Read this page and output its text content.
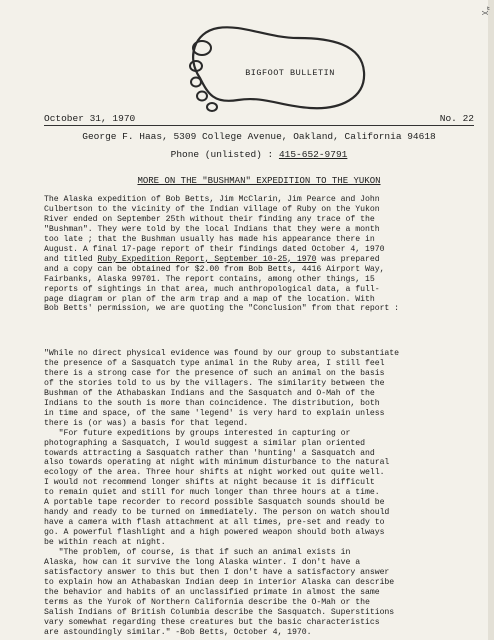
BIGFOOT BULLETIN
October 31, 1970	No. 22
George F. Haas, 5309 College Avenue, Oakland, California 94618
Phone (unlisted) : 415-652-9791
MORE ON THE "BUSHMAN" EXPEDITION TO THE YUKON
The Alaska expedition of Bob Betts, Jim McClarin, Jim Pearce and John
Culbertson to the vicinity of the Indian village of Ruby on the Yukon
River ended on September 25th without their finding any trace of the
"Bushman". They were told by the local Indians that they were a month
too late ; that the Bushman usually has made his appearance there in
August. A final 17-page report of their findings dated October 4, 1970
and titled Ruby Expedition Report, September 10-25, 1970 was prepared
and a copy can be obtained for $2.00 from Bob Betts, 4416 Airport Way,
Fairbanks, Alaska 99701. The report contains, among other things, 15
reports of sightings in that area, much anthropological data, a full-
page diagram or plan of the arm trap and a map of the location. With
Bob Betts' permission, we are quoting the "Conclusion" from that report :
"While no direct physical evidence was found by our group to substantiate
the presence of a Sasquatch type animal in the Ruby area, I still feel
there is a strong case for the presence of such an animal on the basis
of the stories told to us by the villagers. The similarity between the
Bushman of the Athabaskan Indians and the Sasquatch and O-Mah of the
Indians to the south is more than coincidence. The distribution, both
in time and space, of the same 'legend' is very hard to explain unless
there is (or was) a basis for that legend.
"For future expeditions by groups interested in capturing or
photographing a Sasquatch, I would suggest a similar plan oriented
towards attracting a Sasquatch rather than 'hunting' a Sasquatch and
also towards operating at night with minimum disturbance to the natural
ecology of the area. Three hour shifts at night worked out quite well.
I would not recommend longer shifts at night because it is difficult
to remain quiet and still for much longer than three hours at a time.
A portable tape recorder to record possible Sasquatch sounds should be
handy and ready to be turned on immediately. The person on watch should
have a camera with flash attachment at all times, pre-set and ready to
go. A powerful flashlight and a high powered weapon should both always
be within reach at night.
"The problem, of course, is that if such an animal exists in
Alaska, how can it survive the long Alaska winter. I don't have a
satisfactory answer to this but then I don't have a satisfactory answer
to explain how an Athabaskan Indian deep in interior Alaska can describe
the behavior and habits of an unclassified primate in almost the same
terms as the Yurok of Northern California describe the O-Mah or the
Salish Indians of British Columbia describe the Sasquatch. Superstitions
vary somewhat regarding these creatures but the basic characteristics
are astoundingly similar." -Bob Betts, October 4, 1970.
“χ
